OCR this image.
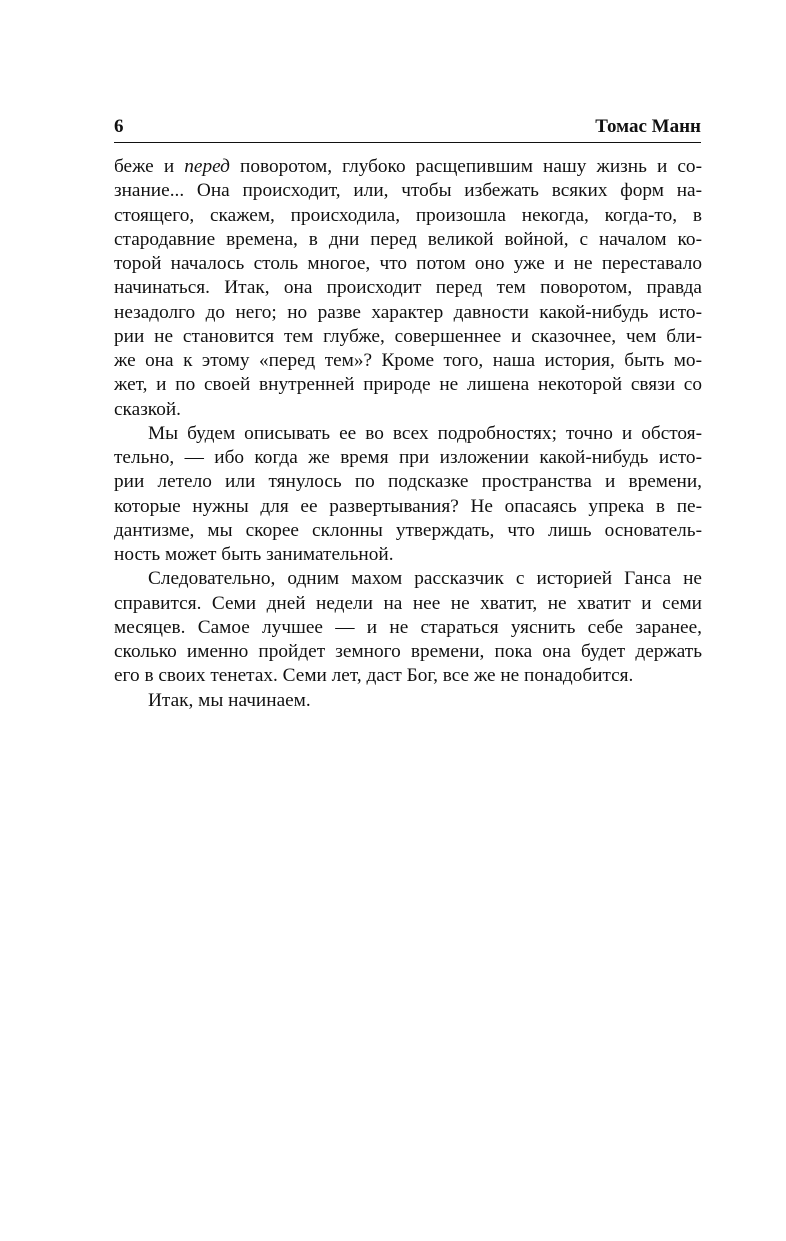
6	Томас Манн
беже и перед поворотом, глубоко расщепившим нашу жизнь и со-
знание... Она происходит, или, чтобы избежать всяких форм на-
стоящего, скажем, происходила, произошла некогда, когда-то, в
стародавние времена, в дни перед великой войной, с началом ко-
торой началось столь многое, что потом оно уже и не переставало
начинаться. Итак, она происходит перед тем поворотом, правда
незадолго до него; но разве характер давности какой-нибудь исто-
рии не становится тем глубже, совершеннее и сказочнее, чем бли-
же она к этому «перед тем»? Кроме того, наша история, быть мо-
жет, и по своей внутренней природе не лишена некоторой связи со
сказкой.
Мы будем описывать ее во всех подробностях; точно и обстоя-
тельно, — ибо когда же время при изложении какой-нибудь исто-
рии летело или тянулось по подсказке пространства и времени,
которые нужны для ее развертывания? Не опасаясь упрека в пе-
дантизме, мы скорее склонны утверждать, что лишь основатель-
ность может быть занимательной.
Следовательно, одним махом рассказчик с историей Ганса не
справится. Семи дней недели на нее не хватит, не хватит и семи
месяцев. Самое лучшее — и не стараться уяснить себе заранее,
сколько именно пройдет земного времени, пока она будет держать
его в своих тенетах. Семи лет, даст Бог, все же не понадобится.
Итак, мы начинаем.
